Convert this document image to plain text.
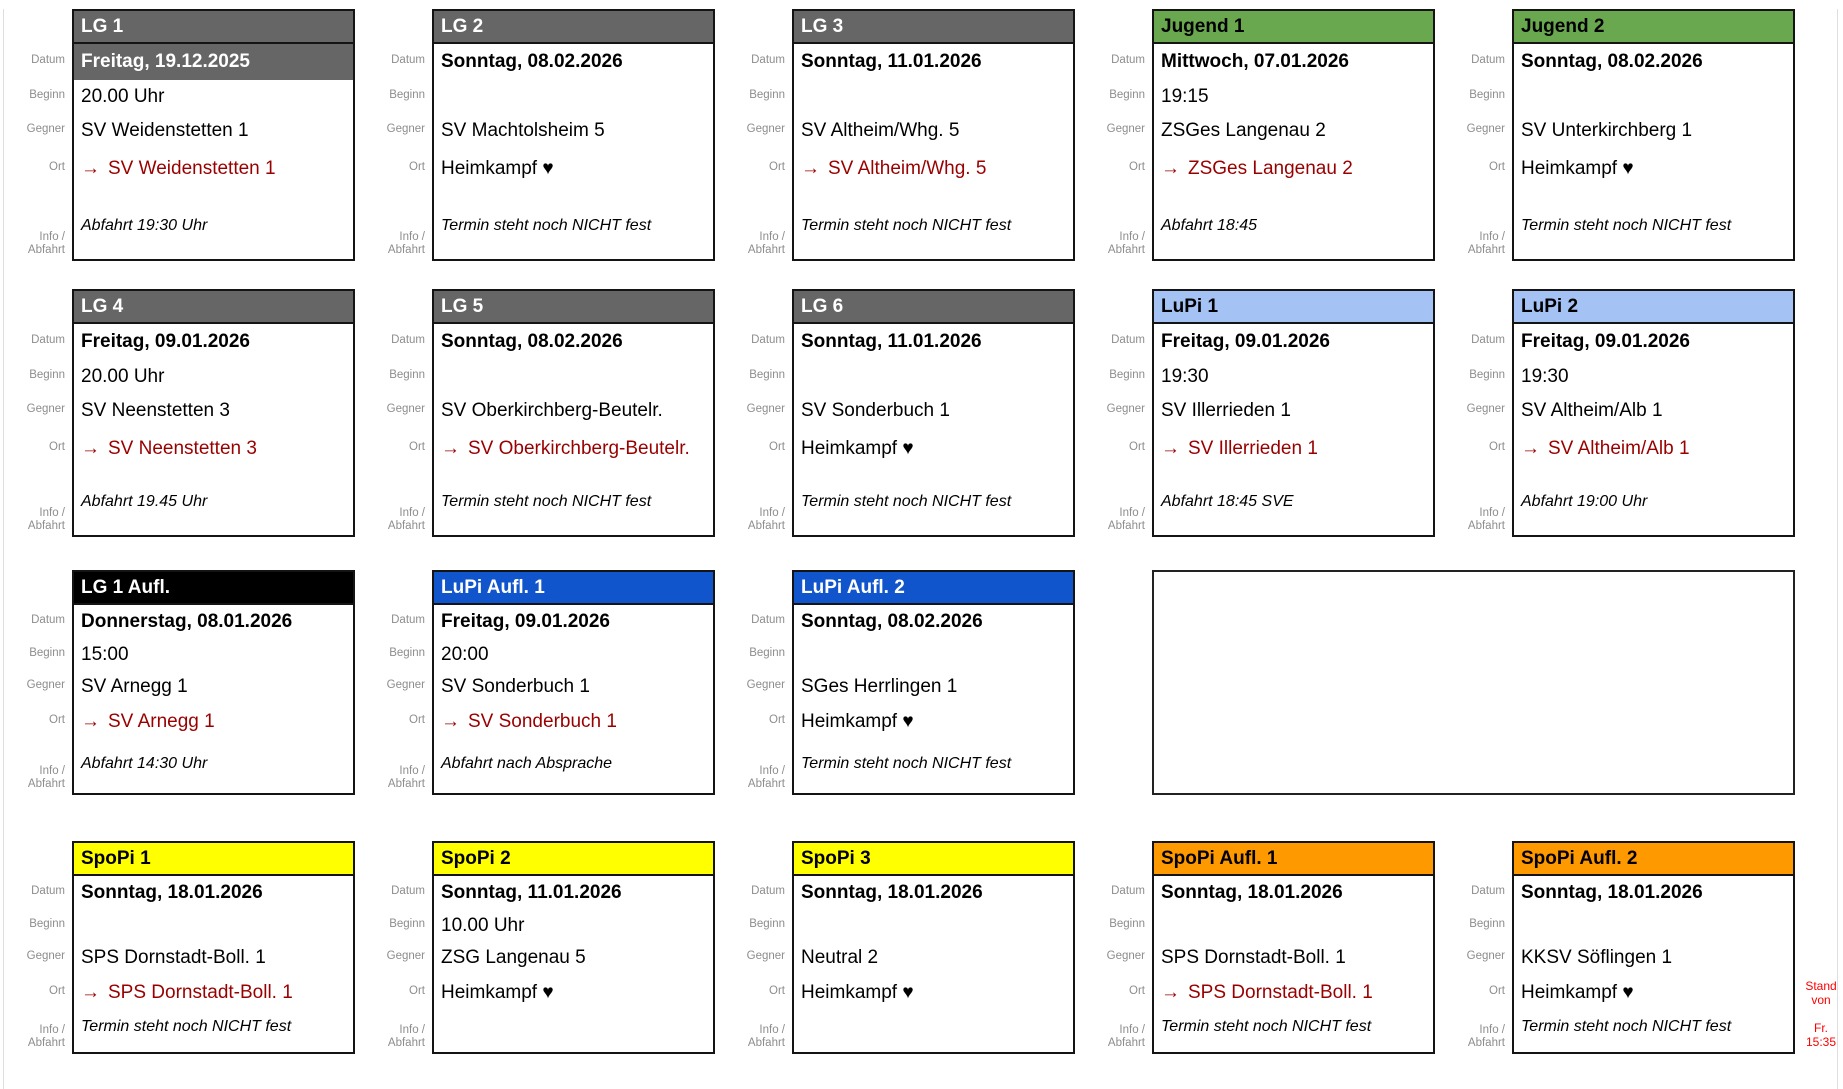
Datum
Beginn
Gegner
Ort
Info /
Abfahrt
LG 1
Freitag, 19.12.2025
20.00 Uhr
SV Weidenstetten 1
→ SV Weidenstetten 1
Abfahrt 19:30 Uhr
Datum
Beginn
Gegner
Ort
Info /
Abfahrt
LG 2
Sonntag, 08.02.2026
SV Machtolsheim 5
Heimkampf ♥
Termin steht noch NICHT fest
Datum
Beginn
Gegner
Ort
Info /
Abfahrt
LG 3
Sonntag, 11.01.2026
SV Altheim/Whg. 5
→ SV Altheim/Whg. 5
Termin steht noch NICHT fest
Datum
Beginn
Gegner
Ort
Info /
Abfahrt
Jugend 1
Mittwoch, 07.01.2026
19:15
ZSGes Langenau 2
→ ZSGes Langenau 2
Abfahrt 18:45
Datum
Beginn
Gegner
Ort
Info /
Abfahrt
Jugend 2
Sonntag, 08.02.2026
SV Unterkirchberg 1
Heimkampf ♥
Termin steht noch NICHT fest
Datum
Beginn
Gegner
Ort
Info /
Abfahrt
LG 4
Freitag, 09.01.2026
20.00 Uhr
SV Neenstetten 3
→ SV Neenstetten 3
Abfahrt 19.45 Uhr
Datum
Beginn
Gegner
Ort
Info /
Abfahrt
LG 5
Sonntag, 08.02.2026
SV Oberkirchberg-Beutelr.
→ SV Oberkirchberg-Beutelr.
Termin steht noch NICHT fest
Datum
Beginn
Gegner
Ort
Info /
Abfahrt
LG 6
Sonntag, 11.01.2026
SV Sonderbuch 1
Heimkampf ♥
Termin steht noch NICHT fest
Datum
Beginn
Gegner
Ort
Info /
Abfahrt
LuPi 1
Freitag, 09.01.2026
19:30
SV Illerrieden 1
→ SV Illerrieden 1
Abfahrt 18:45 SVE
Datum
Beginn
Gegner
Ort
Info /
Abfahrt
LuPi 2
Freitag, 09.01.2026
19:30
SV Altheim/Alb 1
→ SV Altheim/Alb 1
Abfahrt 19:00 Uhr
Datum
Beginn
Gegner
Ort
Info /
Abfahrt
LG 1 Aufl.
Donnerstag, 08.01.2026
15:00
SV Arnegg 1
→ SV Arnegg 1
Abfahrt 14:30 Uhr
Datum
Beginn
Gegner
Ort
Info /
Abfahrt
LuPi Aufl. 1
Freitag, 09.01.2026
20:00
SV Sonderbuch 1
→ SV Sonderbuch 1
Abfahrt nach Absprache
Datum
Beginn
Gegner
Ort
Info /
Abfahrt
LuPi Aufl. 2
Sonntag, 08.02.2026
SGes Herrlingen 1
Heimkampf ♥
Termin steht noch NICHT fest
Datum
Beginn
Gegner
Ort
Info /
Abfahrt
SpoPi 1
Sonntag, 18.01.2026
SPS Dornstadt-Boll. 1
→ SPS Dornstadt-Boll. 1
Termin steht noch NICHT fest
Datum
Beginn
Gegner
Ort
Info /
Abfahrt
SpoPi 2
Sonntag, 11.01.2026
10.00 Uhr
ZSG Langenau 5
Heimkampf ♥
Datum
Beginn
Gegner
Ort
Info /
Abfahrt
SpoPi 3
Sonntag, 18.01.2026
Neutral 2
Heimkampf ♥
Datum
Beginn
Gegner
Ort
Info /
Abfahrt
SpoPi Aufl. 1
Sonntag, 18.01.2026
SPS Dornstadt-Boll. 1
→ SPS Dornstadt-Boll. 1
Termin steht noch NICHT fest
Datum
Beginn
Gegner
Ort
Info /
Abfahrt
SpoPi Aufl. 2
Sonntag, 18.01.2026
KKSV Söflingen 1
Heimkampf ♥
Termin steht noch NICHT fest
Stand
von
Fr.
15:35
